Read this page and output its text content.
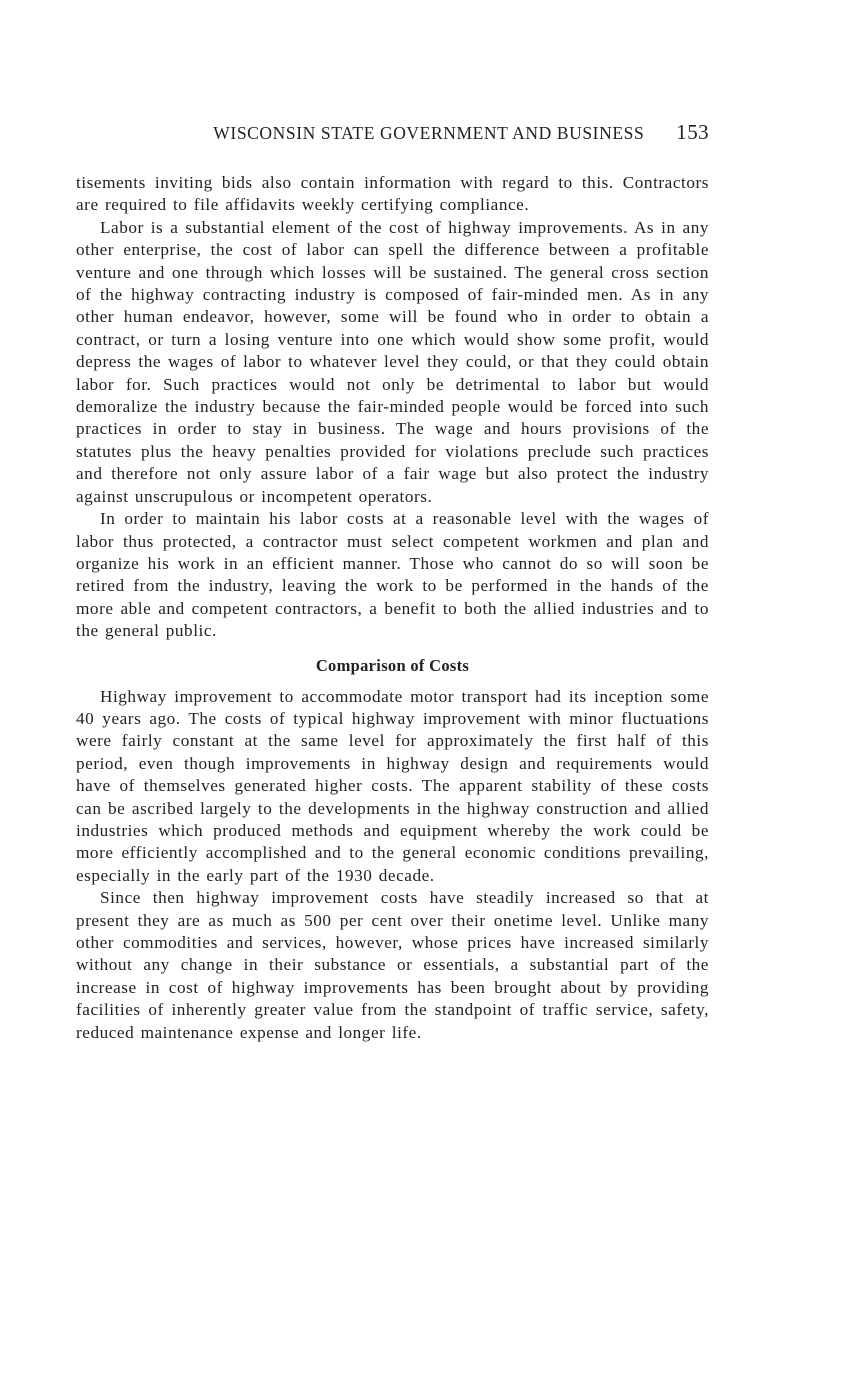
WISCONSIN STATE GOVERNMENT AND BUSINESS 153

tisements inviting bids also contain information with regard to this. Contractors are required to file affidavits weekly certifying compliance.

Labor is a substantial element of the cost of highway improvements. As in any other enterprise, the cost of labor can spell the difference between a profitable venture and one through which losses will be sustained. The general cross section of the highway contracting industry is composed of fair-minded men. As in any other human endeavor, however, some will be found who in order to obtain a contract, or turn a losing venture into one which would show some profit, would depress the wages of labor to whatever level they could, or that they could obtain labor for. Such practices would not only be detrimental to labor but would demoralize the industry because the fair-minded people would be forced into such practices in order to stay in business. The wage and hours provisions of the statutes plus the heavy penalties provided for violations preclude such practices and therefore not only assure labor of a fair wage but also protect the industry against unscrupulous or incompetent operators.

In order to maintain his labor costs at a reasonable level with the wages of labor thus protected, a contractor must select competent workmen and plan and organize his work in an efficient manner. Those who cannot do so will soon be retired from the industry, leaving the work to be performed in the hands of the more able and competent contractors, a benefit to both the allied industries and to the general public.

Comparison of Costs

Highway improvement to accommodate motor transport had its inception some 40 years ago. The costs of typical highway improvement with minor fluctuations were fairly constant at the same level for approximately the first half of this period, even though improvements in highway design and requirements would have of themselves generated higher costs. The apparent stability of these costs can be ascribed largely to the developments in the highway construction and allied industries which produced methods and equipment whereby the work could be more efficiently accomplished and to the general economic conditions prevailing, especially in the early part of the 1930 decade.

Since then highway improvement costs have steadily increased so that at present they are as much as 500 per cent over their onetime level. Unlike many other commodities and services, however, whose prices have increased similarly without any change in their substance or essentials, a substantial part of the increase in cost of highway improvements has been brought about by providing facilities of inherently greater value from the standpoint of traffic service, safety, reduced maintenance expense and longer life.
